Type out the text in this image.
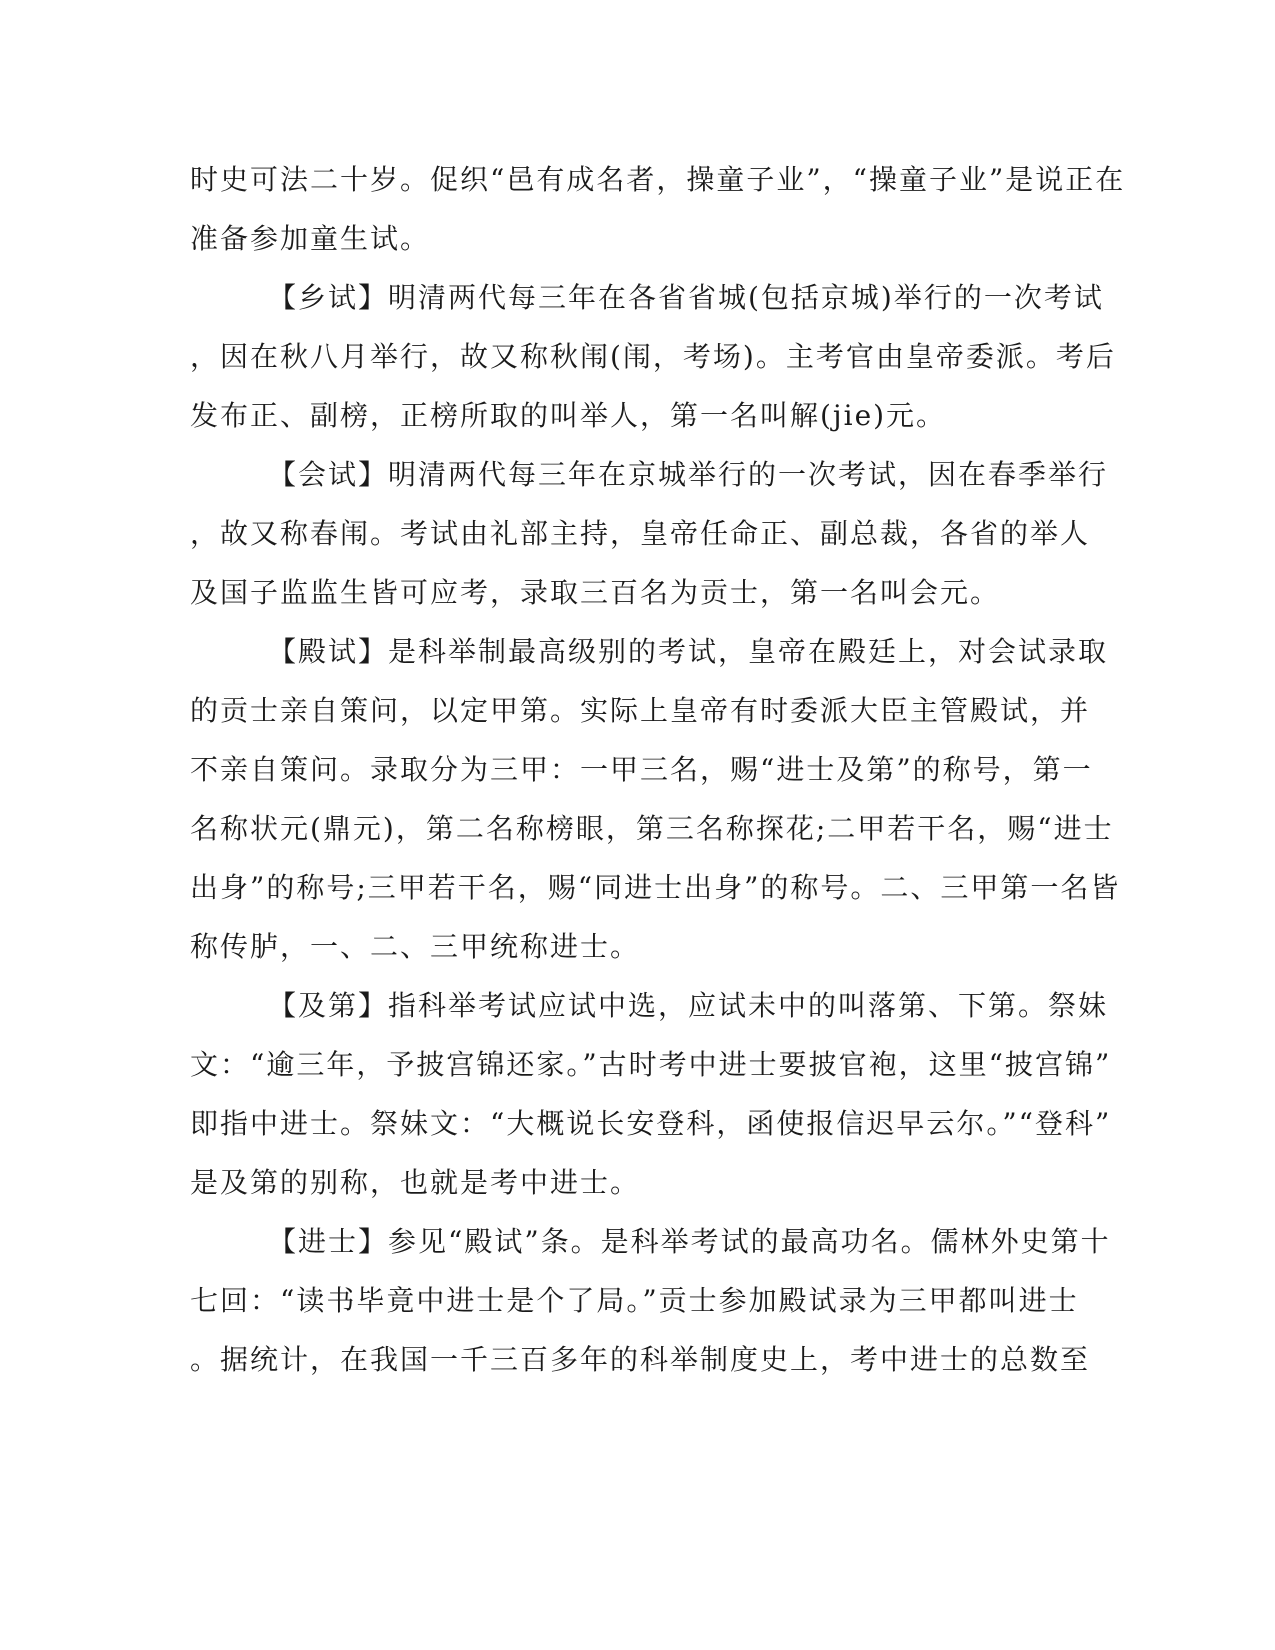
时史可法二十岁。促织“邑有成名者，操童子业”，“操童子业”是说正在
准备参加童生试。
【乡试】明清两代每三年在各省省城(包括京城)举行的一次考试
，因在秋八月举行，故又称秋闱(闱，考场)。主考官由皇帝委派。考后
发布正、副榜，正榜所取的叫举人，第一名叫解(jie)元。
【会试】明清两代每三年在京城举行的一次考试，因在春季举行
，故又称春闱。考试由礼部主持，皇帝任命正、副总裁，各省的举人
及国子监监生皆可应考，录取三百名为贡士，第一名叫会元。
【殿试】是科举制最高级别的考试，皇帝在殿廷上，对会试录取
的贡士亲自策问，以定甲第。实际上皇帝有时委派大臣主管殿试，并
不亲自策问。录取分为三甲：一甲三名，赐“进士及第”的称号，第一
名称状元(鼎元)，第二名称榜眼，第三名称探花;二甲若干名，赐“进士
出身”的称号;三甲若干名，赐“同进士出身”的称号。二、三甲第一名皆
称传胪，一、二、三甲统称进士。
【及第】指科举考试应试中选，应试未中的叫落第、下第。祭妹
文：“逾三年，予披宫锦还家。”古时考中进士要披官袍，这里“披宫锦”
即指中进士。祭妹文：“大概说长安登科，函使报信迟早云尔。”“登科”
是及第的别称，也就是考中进士。
【进士】参见“殿试”条。是科举考试的最高功名。儒林外史第十
七回：“读书毕竟中进士是个了局。”贡士参加殿试录为三甲都叫进士
。据统计，在我国一千三百多年的科举制度史上，考中进士的总数至
